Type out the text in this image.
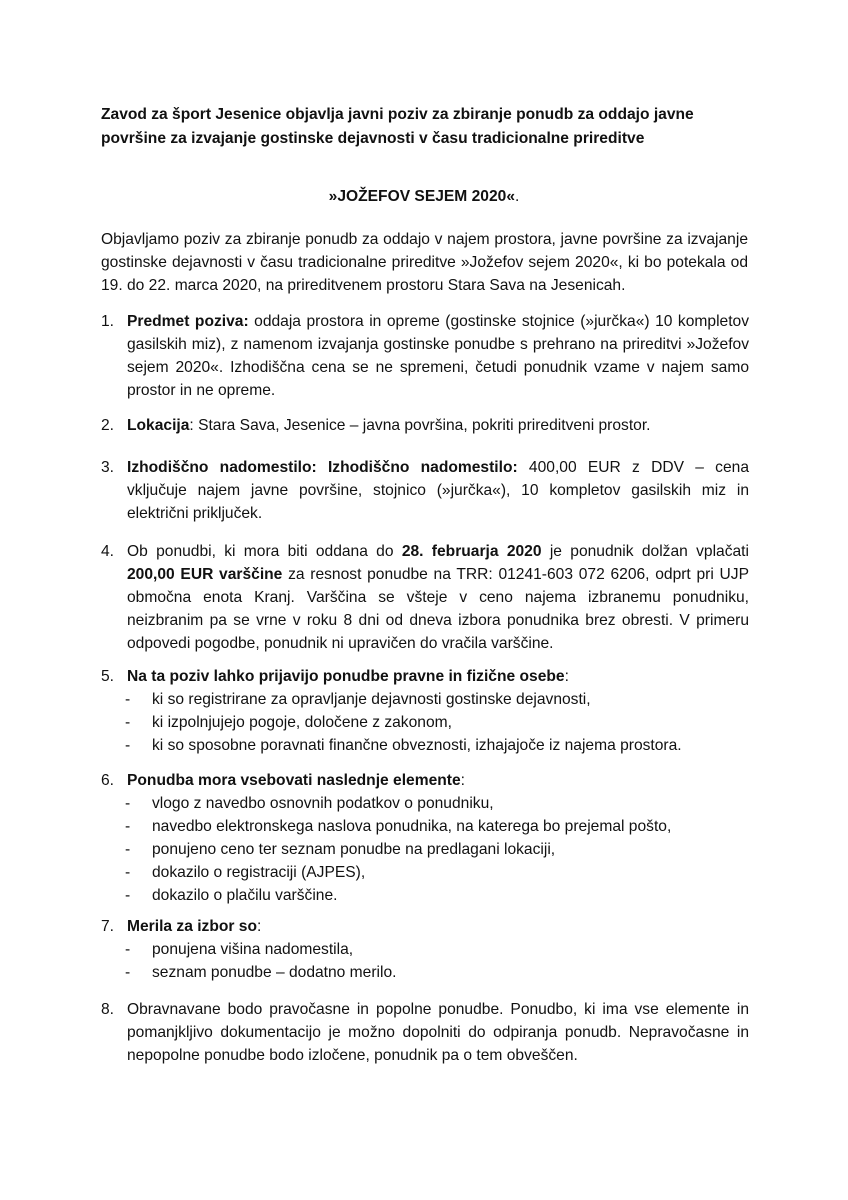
Zavod za šport Jesenice objavlja javni poziv za zbiranje ponudb za oddajo javne površine za izvajanje gostinske dejavnosti v času tradicionalne prireditve
»JOŽEFOV SEJEM 2020«.
Objavljamo poziv za zbiranje ponudb za oddajo v najem prostora, javne površine za izvajanje gostinske dejavnosti v času tradicionalne prireditve »Jožefov sejem 2020«, ki bo potekala od 19. do 22. marca 2020, na prireditvenem prostoru Stara Sava na Jesenicah.
1. Predmet poziva: oddaja prostora in opreme (gostinske stojnice (»jurčka«) 10 kompletov gasilskih miz), z namenom izvajanja gostinske ponudbe s prehrano na prireditvi »Jožefov sejem 2020«. Izhodiščna cena se ne spremeni, četudi ponudnik vzame v najem samo prostor in ne opreme.
2. Lokacija: Stara Sava, Jesenice – javna površina, pokriti prireditveni prostor.
3. Izhodiščno nadomestilo: Izhodiščno nadomestilo: 400,00 EUR z DDV – cena vključuje najem javne površine, stojnico (»jurčka«), 10 kompletov gasilskih miz in električni priključek.
4. Ob ponudbi, ki mora biti oddana do 28. februarja 2020 je ponudnik dolžan vplačati 200,00 EUR varščine za resnost ponudbe na TRR: 01241-603 072 6206, odprt pri UJP območna enota Kranj. Varščina se všteje v ceno najema izbranemu ponudniku, neizbranim pa se vrne v roku 8 dni od dneva izbora ponudnika brez obresti. V primeru odpovedi pogodbe, ponudnik ni upravičen do vračila varščine.
5. Na ta poziv lahko prijavijo ponudbe pravne in fizične osebe:
- ki so registrirane za opravljanje dejavnosti gostinske dejavnosti,
- ki izpolnjujejo pogoje, določene z zakonom,
- ki so sposobne poravnati finančne obveznosti, izhajajoče iz najema prostora.
6. Ponudba mora vsebovati naslednje elemente:
- vlogo z navedbo osnovnih podatkov o ponudniku,
- navedbo elektronskega naslova ponudnika, na katerega bo prejemal pošto,
- ponujeno ceno ter seznam ponudbe na predlagani lokaciji,
- dokazilo o registraciji (AJPES),
- dokazilo o plačilu varščine.
7. Merila za izbor so:
- ponujena višina nadomestila,
- seznam ponudbe – dodatno merilo.
8. Obravnavane bodo pravočasne in popolne ponudbe. Ponudbo, ki ima vse elemente in pomanjkljivo dokumentacijo je možno dopolniti do odpiranja ponudb. Nepravočasne in nepopolne ponudbe bodo izločene, ponudnik pa o tem obveščen.
